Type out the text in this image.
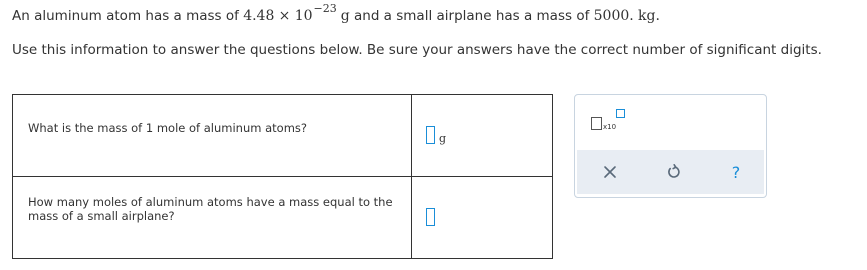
An aluminum atom has a mass of $4.48 \times 10^{-23}$ g and a small airplane has a mass of 5000. kg.
Use this information to answer the questions below. Be sure your answers have the correct number of significant digits.
What is the mass of 1 mole of aluminum atoms?
g
How many moles of aluminum atoms have a mass equal to the mass of a small airplane?
x10
?
